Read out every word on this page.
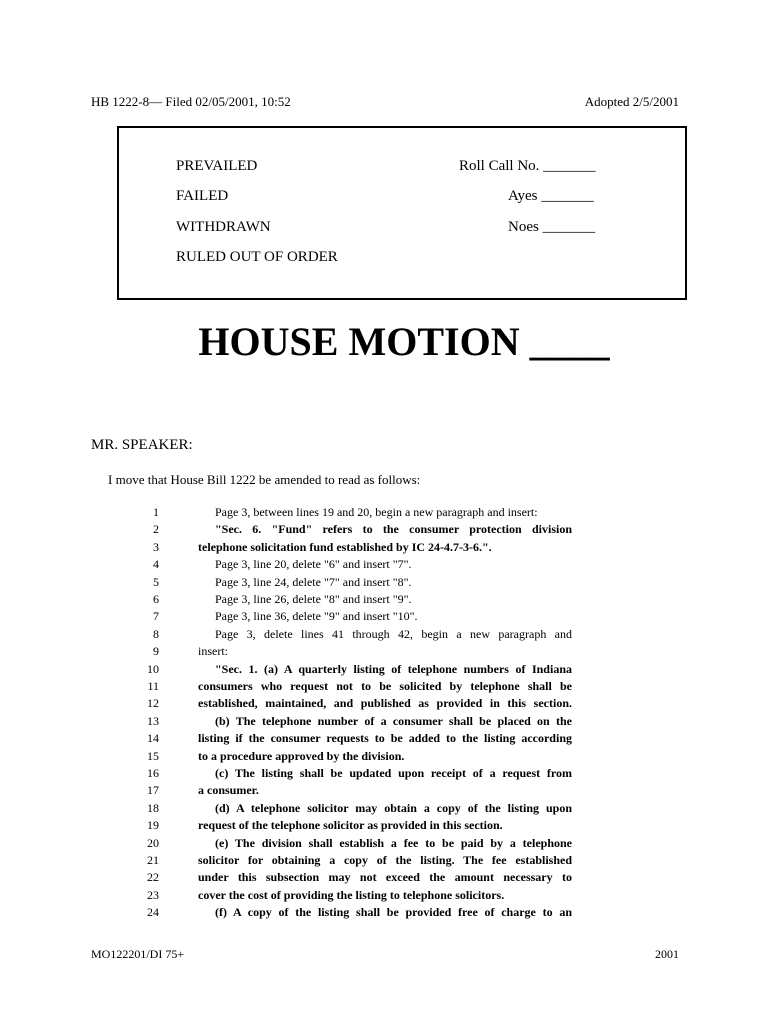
HB 1222-8— Filed 02/05/2001, 10:52	Adopted 2/5/2001
PREVAILED
FAILED
WITHDRAWN
RULED OUT OF ORDER
Roll Call No. _______
Ayes _______
Noes _______
HOUSE MOTION ____
MR. SPEAKER:
I move that House Bill 1222 be amended to read as follows:
1	Page 3, between lines 19 and 20, begin a new paragraph and insert:
2	"Sec. 6. "Fund" refers to the consumer protection division
3	telephone solicitation fund established by IC 24-4.7-3-6.".
4	Page 3, line 20, delete "6" and insert "7".
5	Page 3, line 24, delete "7" and insert "8".
6	Page 3, line 26, delete "8" and insert "9".
7	Page 3, line 36, delete "9" and insert "10".
8	Page 3, delete lines 41 through 42, begin a new paragraph and
9	insert:
10	"Sec. 1. (a) A quarterly listing of telephone numbers of Indiana
11	consumers who request not to be solicited by telephone shall be
12	established, maintained, and published as provided in this section.
13	(b) The telephone number of a consumer shall be placed on the
14	listing if the consumer requests to be added to the listing according
15	to a procedure approved by the division.
16	(c) The listing shall be updated upon receipt of a request from
17	a consumer.
18	(d) A telephone solicitor may obtain a copy of the listing upon
19	request of the telephone solicitor as provided in this section.
20	(e) The division shall establish a fee to be paid by a telephone
21	solicitor for obtaining a copy of the listing. The fee established
22	under this subsection may not exceed the amount necessary to
23	cover the cost of providing the listing to telephone solicitors.
24	(f) A copy of the listing shall be provided free of charge to an
MO122201/DI 75+	2001
